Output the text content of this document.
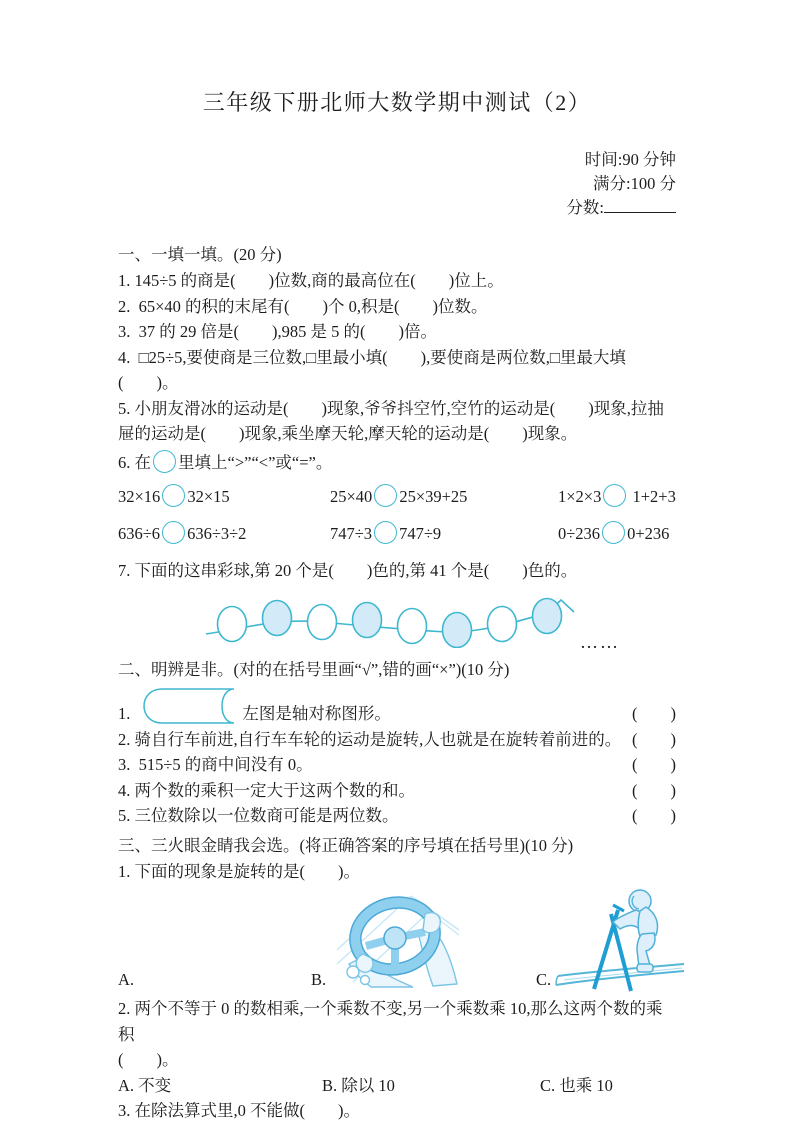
三年级下册北师大数学期中测试（2）

时间:90 分钟
满分:100 分
分数:

一、一填一填。(20 分)
1. 145÷5 的商是(　　)位数,商的最高位在(　　)位上。
2.  65×40 的积的末尾有(　　)个 0,积是(　　)位数。
3.  37 的 29 倍是(　　),985 是 5 的(　　)倍。
4.  □25÷5,要使商是三位数,□里最小填(　　),要使商是两位数,□里最大填
(　　)。
5. 小朋友滑冰的运动是(　　)现象,爷爷抖空竹,空竹的运动是(　　)现象,拉抽
屉的运动是(　　)现象,乘坐摩天轮,摩天轮的运动是(　　)现象。
6. 在 里填上“>”“<”或“=”。
32×16 32×15	25×40 25×39+25	1×2×3 1+2+3
636÷6 636÷3÷2	747÷3 747÷9	0÷236 0+236
7. 下面的这串彩球,第 20 个是(　　)色的,第 41 个是(　　)色的。
……
二、明辨是非。(对的在括号里画“√”,错的画“×”)(10 分)
1.	左图是轴对称图形。	(　　)
2. 骑自行车前进,自行车车轮的运动是旋转,人也就是在旋转着前进的。 (　　)
3.  515÷5 的商中间没有 0。	(　　)
4. 两个数的乘积一定大于这两个数的和。	(　　)
5. 三位数除以一位数商可能是两位数。	(　　)
三、三火眼金睛我会选。(将正确答案的序号填在括号里)(10 分)
1. 下面的现象是旋转的是(　　)。
A.	B.	C.
2. 两个不等于 0 的数相乘,一个乘数不变,另一个乘数乘 10,那么这两个数的乘积
(　　)。
A. 不变	B. 除以 10	C. 也乘 10
3. 在除法算式里,0 不能做(　　)。
